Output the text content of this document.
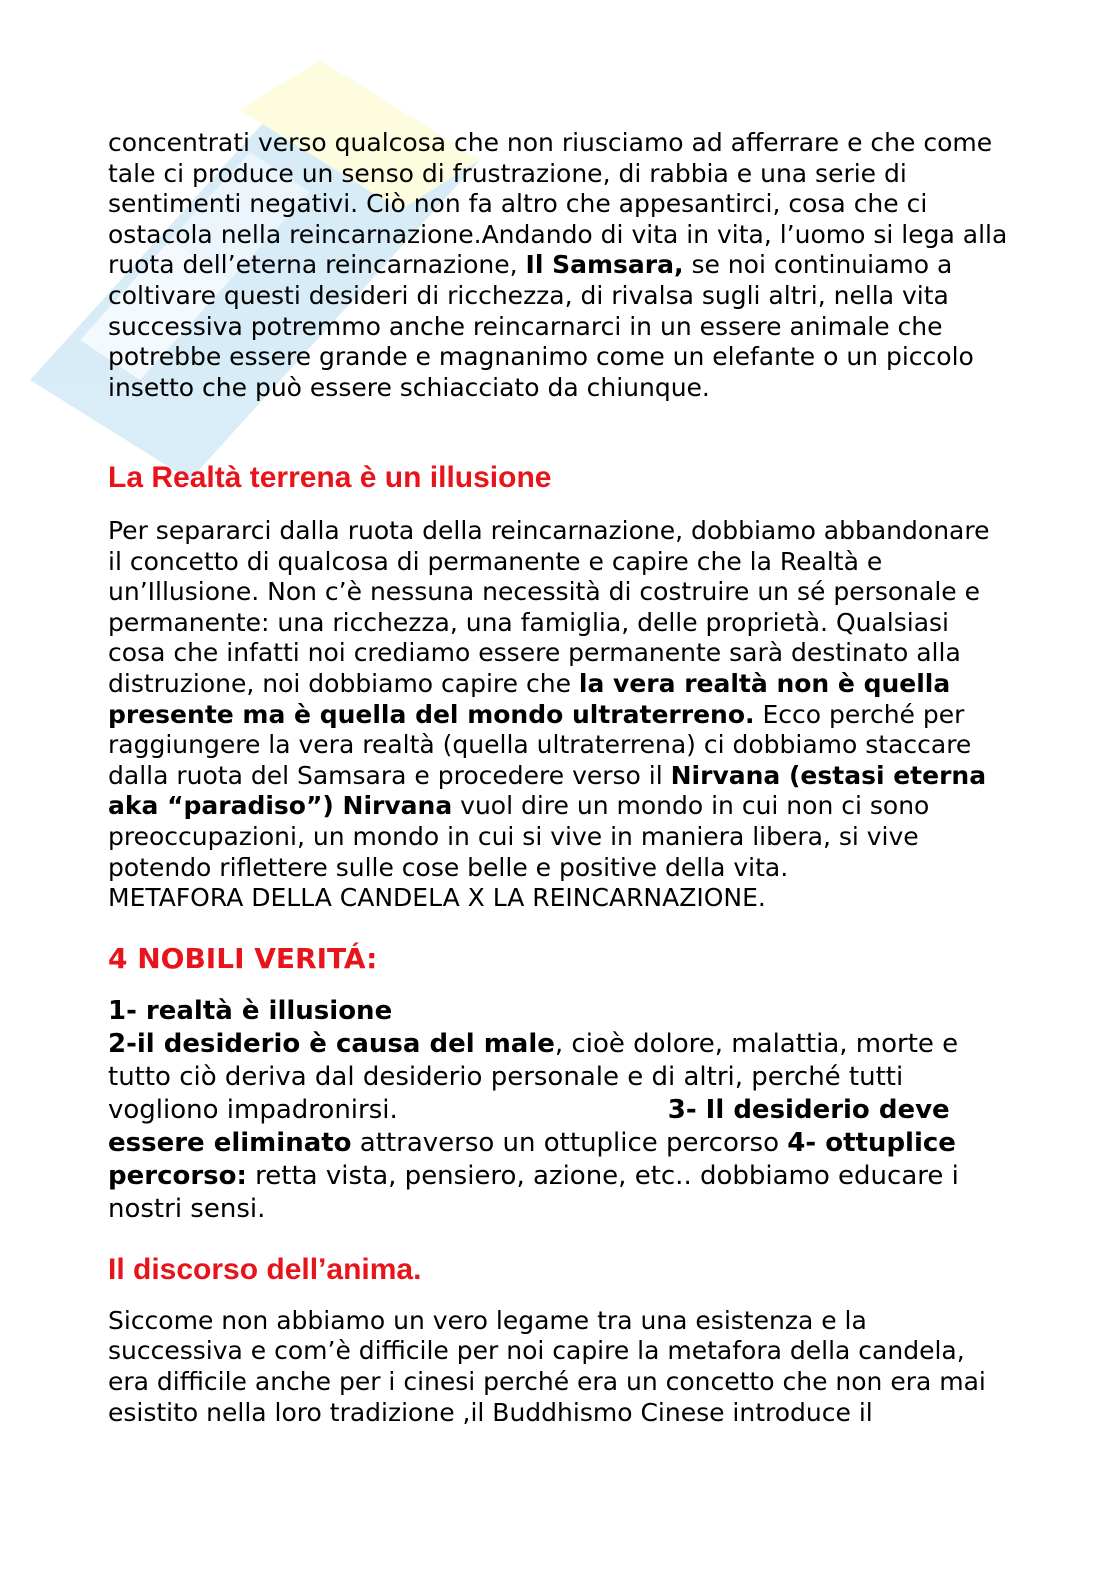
concentrati verso qualcosa che non riusciamo ad afferrare e che come tale ci produce un senso di frustrazione, di rabbia e una serie di sentimenti negativi. Ciò non fa altro che appesantirci, cosa che ci ostacola nella reincarnazione.Andando di vita in vita, l’uomo si lega alla ruota dell’eterna reincarnazione, Il Samsara, se noi continuiamo a coltivare questi desideri di ricchezza, di rivalsa sugli altri, nella vita successiva potremmo anche reincarnarci in un essere animale che potrebbe essere grande e magnanimo come un elefante o un piccolo insetto che può essere schiacciato da chiunque.

La Realtà terrena è un illusione

Per separarci dalla ruota della reincarnazione, dobbiamo abbandonare il concetto di qualcosa di permanente e capire che la Realtà e un’Illusione. Non c’è nessuna necessità di costruire un sé personale e permanente: una ricchezza, una famiglia, delle proprietà. Qualsiasi cosa che infatti noi crediamo essere permanente sarà destinato alla distruzione, noi dobbiamo capire che la vera realtà non è quella presente ma è quella del mondo ultraterreno. Ecco perché per raggiungere la vera realtà (quella ultraterrena) ci dobbiamo staccare dalla ruota del Samsara e procedere verso il Nirvana (estasi eterna aka “paradiso”) Nirvana vuol dire un mondo in cui non ci sono preoccupazioni, un mondo in cui si vive in maniera libera, si vive potendo riflettere sulle cose belle e positive della vita.
METAFORA DELLA CANDELA X LA REINCARNAZIONE.

4 NOBILI VERITÁ:

1- realtà è illusione
2-il desiderio è causa del male, cioè dolore, malattia, morte e tutto ciò deriva dal desiderio personale e di altri, perché tutti vogliono impadronirsi.	3- Il desiderio deve essere eliminato attraverso un ottuplice percorso 4- ottuplice percorso: retta vista, pensiero, azione, etc.. dobbiamo educare i nostri sensi.

Il discorso dell’anima.

Siccome non abbiamo un vero legame tra una esistenza e la successiva e com’è difficile per noi capire la metafora della candela, era difficile anche per i cinesi perché era un concetto che non era mai esistito nella loro tradizione ,il Buddhismo Cinese introduce il
